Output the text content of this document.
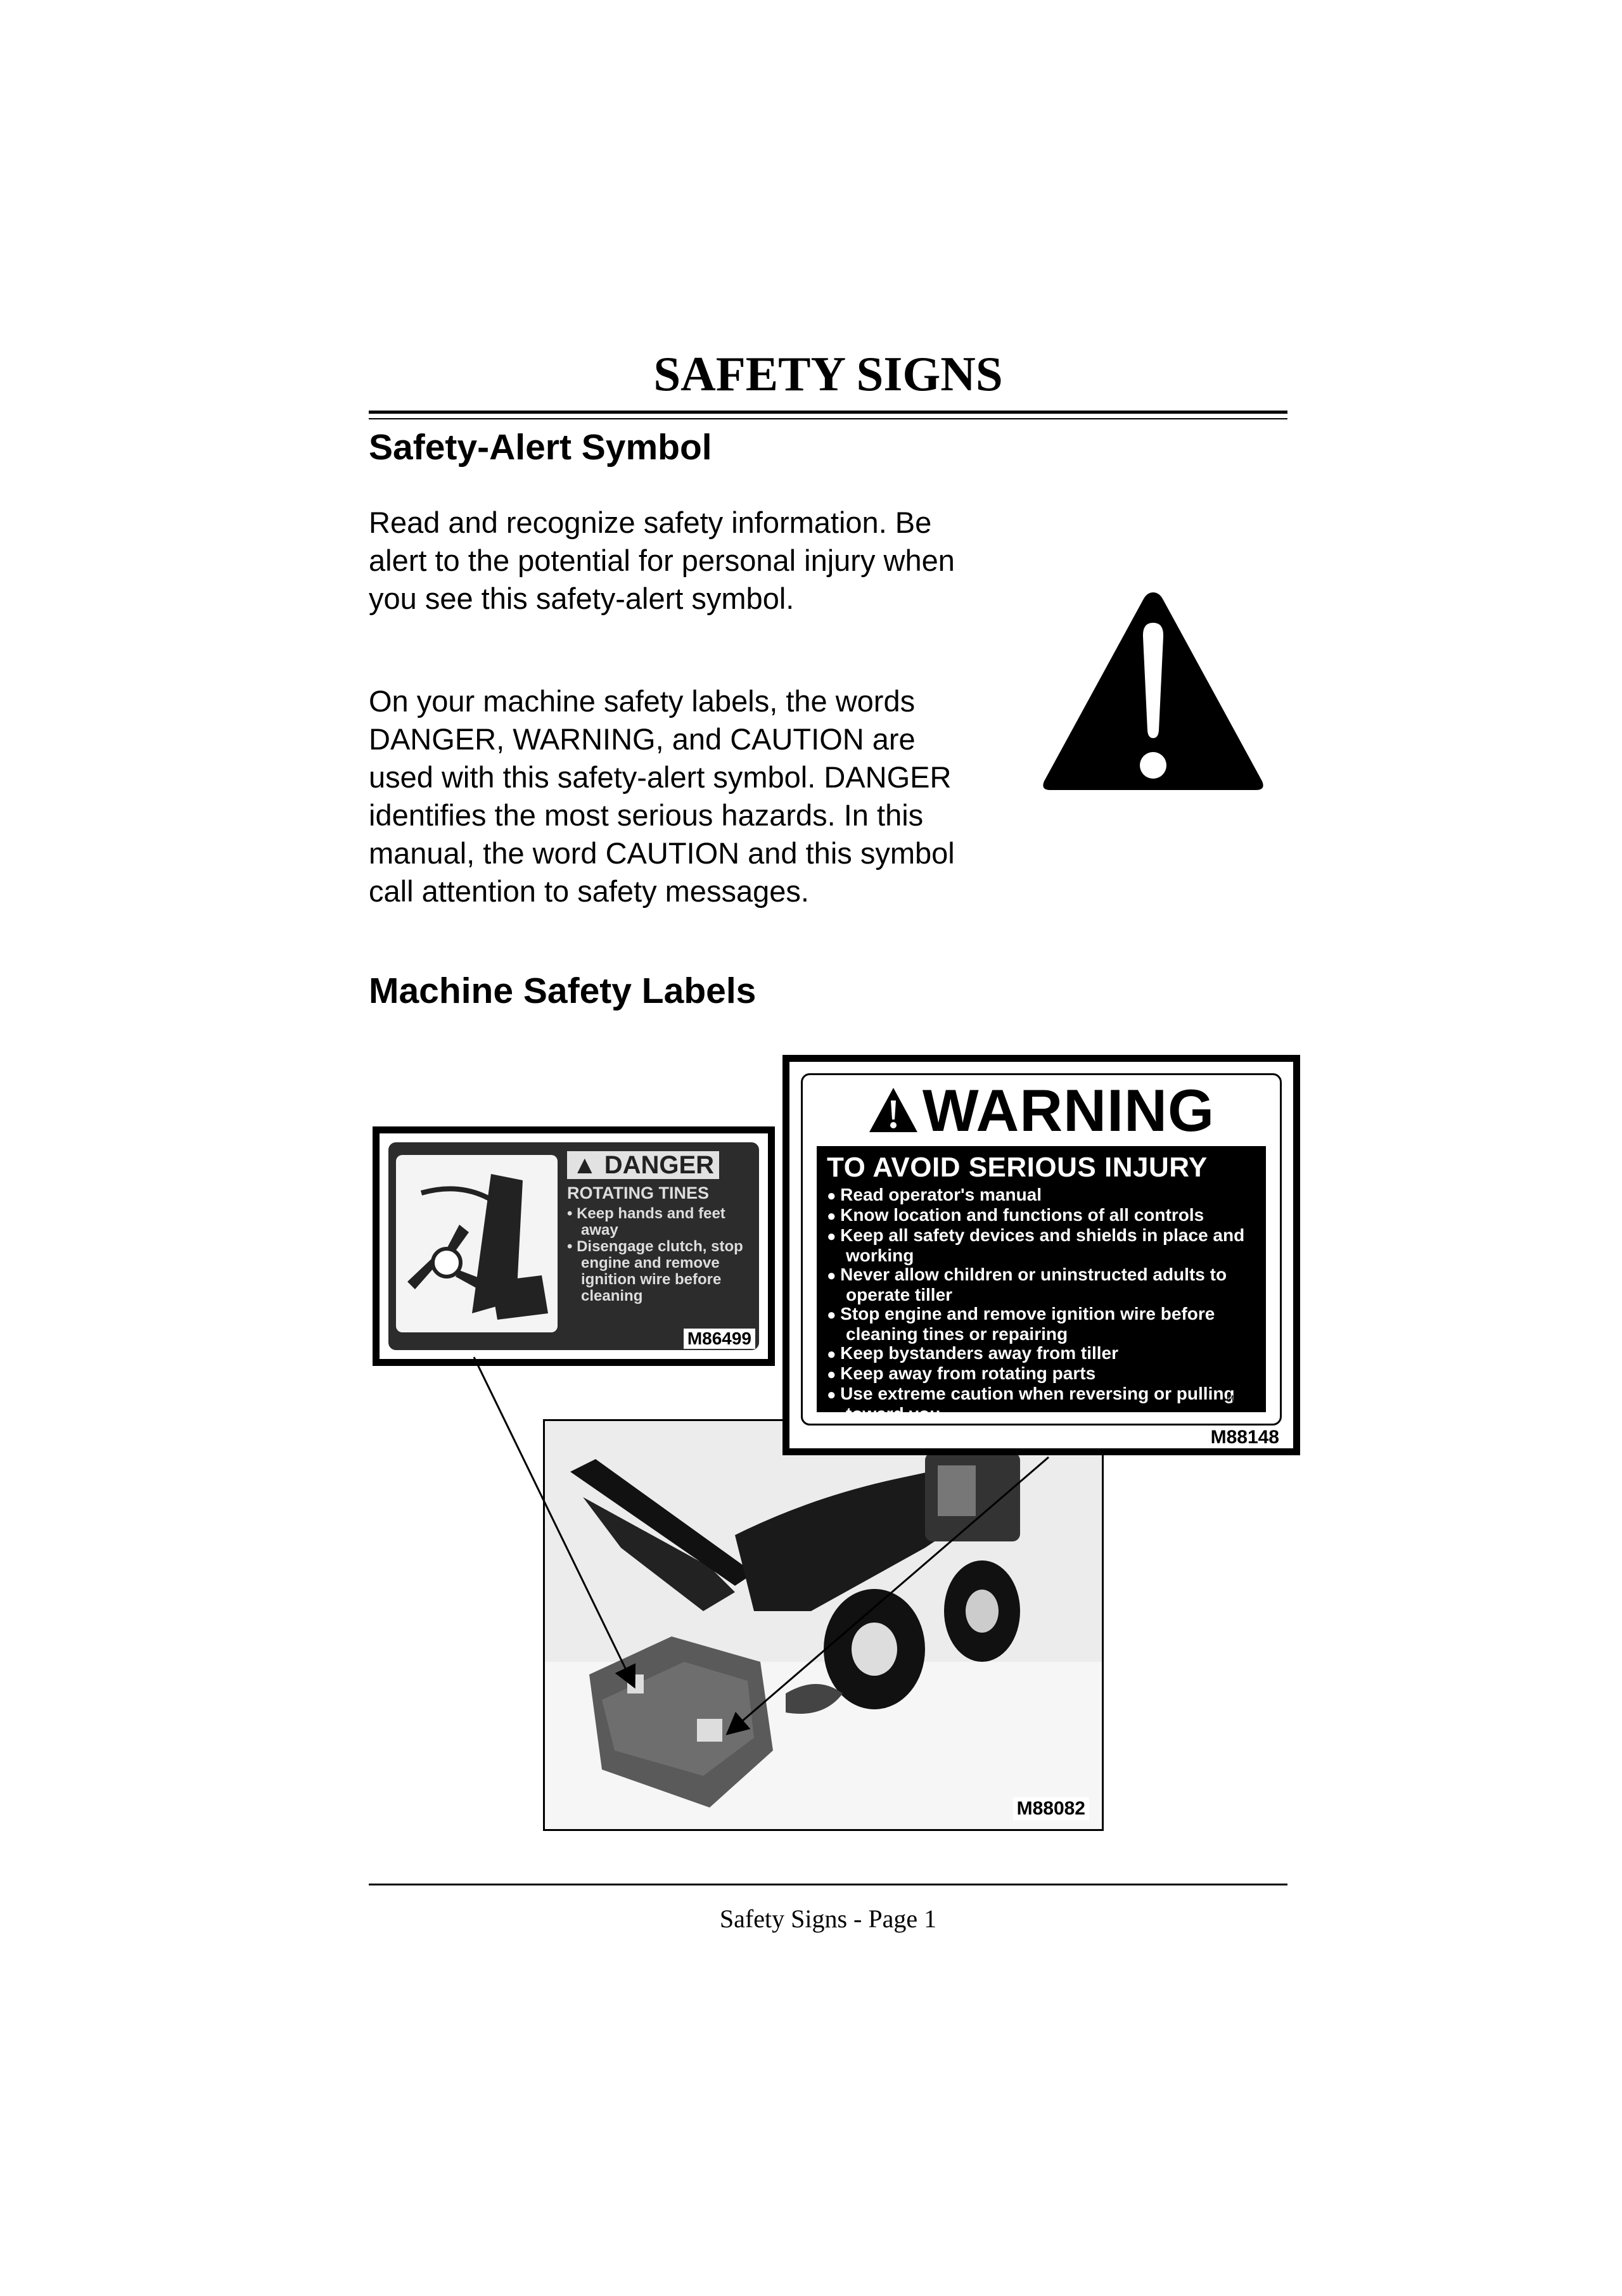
SAFETY SIGNS
Safety-Alert Symbol

Read and recognize safety information. Be alert to the potential for personal injury when you see this safety-alert symbol.

On your machine safety labels, the words DANGER, WARNING, and CAUTION are used with this safety-alert symbol. DANGER identifies the most serious hazards. In this manual, the word CAUTION and this symbol call attention to safety messages.

Machine Safety Labels
M88082
▲ DANGER
ROTATING TINES
• Keep hands and feet away
• Disengage clutch, stop engine and remove ignition wire before cleaning
M86499
WARNING
TO AVOID SERIOUS INJURY
● Read operator's manual
● Know location and functions of all controls
● Keep all safety devices and shields in place and working
● Never allow children or uninstructed adults to operate tiller
● Stop engine and remove ignition wire before cleaning tines or repairing
● Keep bystanders away from tiller
● Keep away from rotating parts
● Use extreme caution when reversing or pulling toward you
M132405
M88148
Safety Signs - Page 1
